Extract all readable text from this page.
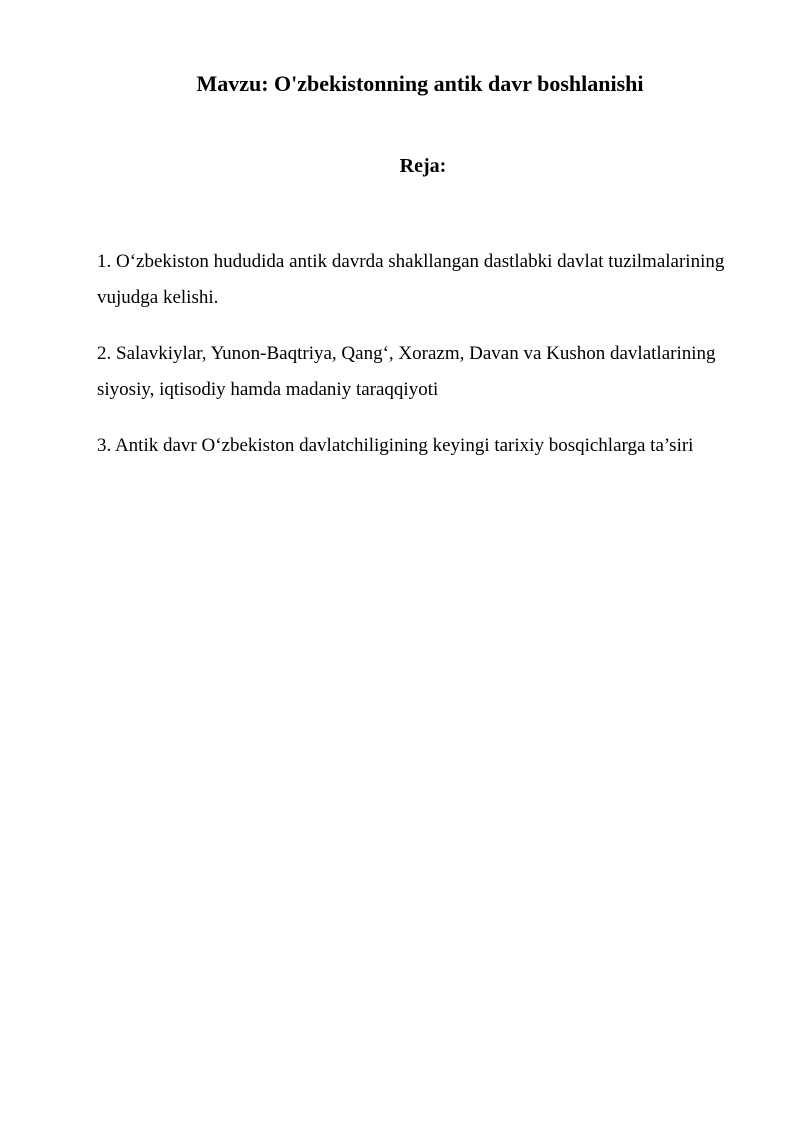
Mavzu: O'zbekistonning antik davr boshlanishi
Reja:
1. O‘zbekiston hududida antik davrda shakllangan dastlabki davlat tuzilmalarining vujudga kelishi.
2. Salavkiylar, Yunon-Baqtriya, Qang‘, Xorazm, Davan va Kushon davlatlarining siyosiy, iqtisodiy hamda madaniy taraqqiyoti
3. Antik davr O‘zbekiston davlatchiligining keyingi tarixiy bosqichlarga ta’siri
